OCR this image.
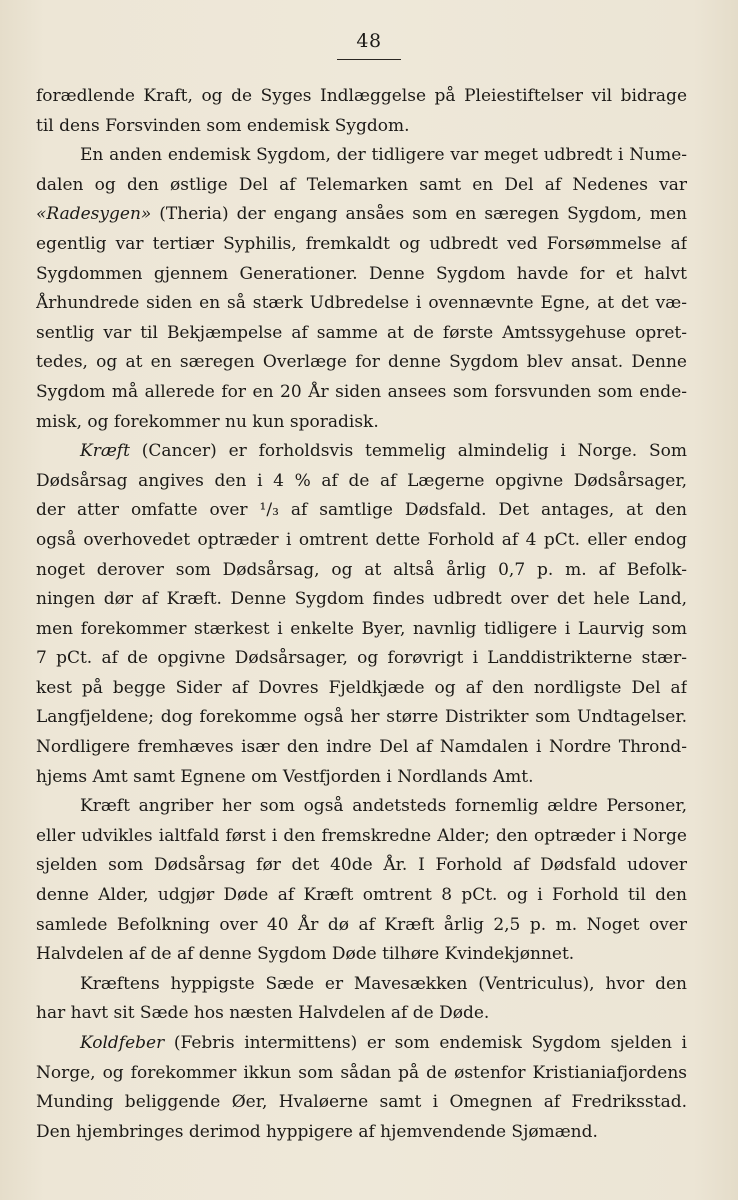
48
forædlende Kraft, og de Syges Indlæggelse på Pleiestiftelser vil bidrage
til dens Forsvinden som endemisk Sygdom.
En anden endemisk Sygdom, der tidligere var meget udbredt i Nume-
dalen og den østlige Del af Telemarken samt en Del af Nedenes var
«Radesygen» (Theria) der engang ansåes som en særegen Sygdom, men
egentlig var tertiær Syphilis, fremkaldt og udbredt ved Forsømmelse af
Sygdommen gjennem Generationer. Denne Sygdom havde for et halvt
Århundrede siden en så stærk Udbredelse i ovennævnte Egne, at det væ-
sentlig var til Bekjæmpelse af samme at de første Amtssygehuse opret-
tedes, og at en særegen Overlæge for denne Sygdom blev ansat. Denne
Sygdom må allerede for en 20 År siden ansees som forsvunden som ende-
misk, og forekommer nu kun sporadisk.
Kræft (Cancer) er forholdsvis temmelig almindelig i Norge. Som
Dødsårsag angives den i 4 % af de af Lægerne opgivne Dødsårsager,
der atter omfatte over ¹/₃ af samtlige Dødsfald. Det antages, at den
også overhovedet optræder i omtrent dette Forhold af 4 pCt. eller endog
noget derover som Dødsårsag, og at altså årlig 0,7 p. m. af Befolk-
ningen dør af Kræft. Denne Sygdom findes udbredt over det hele Land,
men forekommer stærkest i enkelte Byer, navnlig tidligere i Laurvig som
7 pCt. af de opgivne Dødsårsager, og forøvrigt i Landdistrikterne stær-
kest på begge Sider af Dovres Fjeldkjæde og af den nordligste Del af
Langfjeldene; dog forekomme også her større Distrikter som Undtagelser.
Nordligere fremhæves især den indre Del af Namdalen i Nordre Thrond-
hjems Amt samt Egnene om Vestfjorden i Nordlands Amt.
Kræft angriber her som også andetsteds fornemlig ældre Personer,
eller udvikles ialtfald først i den fremskredne Alder; den optræder i Norge
sjelden som Dødsårsag før det 40de År. I Forhold af Dødsfald udover
denne Alder, udgjør Døde af Kræft omtrent 8 pCt. og i Forhold til den
samlede Befolkning over 40 År dø af Kræft årlig 2,5 p. m. Noget over
Halvdelen af de af denne Sygdom Døde tilhøre Kvindekjønnet.
Kræftens hyppigste Sæde er Mavesækken (Ventriculus), hvor den
har havt sit Sæde hos næsten Halvdelen af de Døde.
Koldfeber (Febris intermittens) er som endemisk Sygdom sjelden i
Norge, og forekommer ikkun som sådan på de østenfor Kristianiafjordens
Munding beliggende Øer, Hvaløerne samt i Omegnen af Fredriksstad.
Den hjembringes derimod hyppigere af hjemvendende Sjømænd.
